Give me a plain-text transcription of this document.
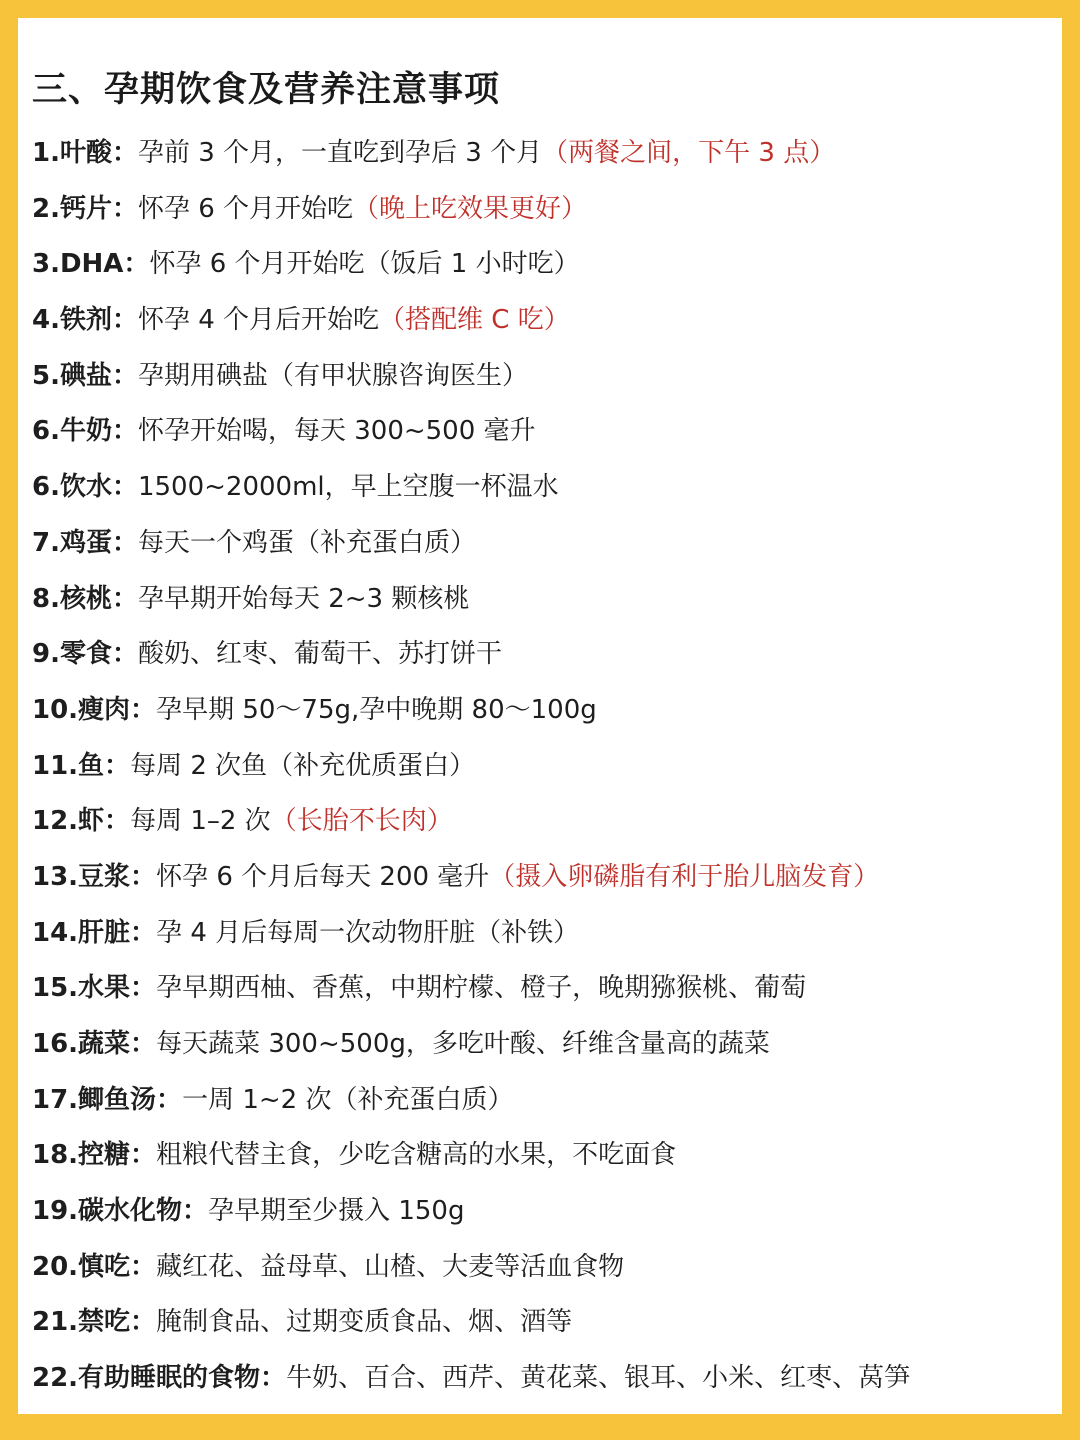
三、孕期饮食及营养注意事项
1.叶酸：孕前 3 个月，一直吃到孕后 3 个月（两餐之间，下午 3 点）
2.钙片：怀孕 6 个月开始吃（晚上吃效果更好）
3.DHA：怀孕 6 个月开始吃（饭后 1 小时吃）
4.铁剂：怀孕 4 个月后开始吃（搭配维 C 吃）
5.碘盐：孕期用碘盐（有甲状腺咨询医生）
6.牛奶：怀孕开始喝，每天 300~500 毫升
6.饮水：1500~2000ml，早上空腹一杯温水
7.鸡蛋：每天一个鸡蛋（补充蛋白质）
8.核桃：孕早期开始每天 2~3 颗核桃
9.零食：酸奶、红枣、葡萄干、苏打饼干
10.瘦肉：孕早期 50～75g,孕中晚期 80～100g
11.鱼：每周 2 次鱼（补充优质蛋白）
12.虾：每周 1–2 次（长胎不长肉）
13.豆浆：怀孕 6 个月后每天 200 毫升（摄入卵磷脂有利于胎儿脑发育）
14.肝脏：孕 4 月后每周一次动物肝脏（补铁）
15.水果：孕早期西柚、香蕉，中期柠檬、橙子，晚期猕猴桃、葡萄
16.蔬菜：每天蔬菜 300~500g，多吃叶酸、纤维含量高的蔬菜
17.鲫鱼汤：一周 1~2 次（补充蛋白质）
18.控糖：粗粮代替主食，少吃含糖高的水果，不吃面食
19.碳水化物：孕早期至少摄入 150g
20.慎吃：藏红花、益母草、山楂、大麦等活血食物
21.禁吃：腌制食品、过期变质食品、烟、酒等
22.有助睡眠的食物：牛奶、百合、西芹、黄花菜、银耳、小米、红枣、莴笋
